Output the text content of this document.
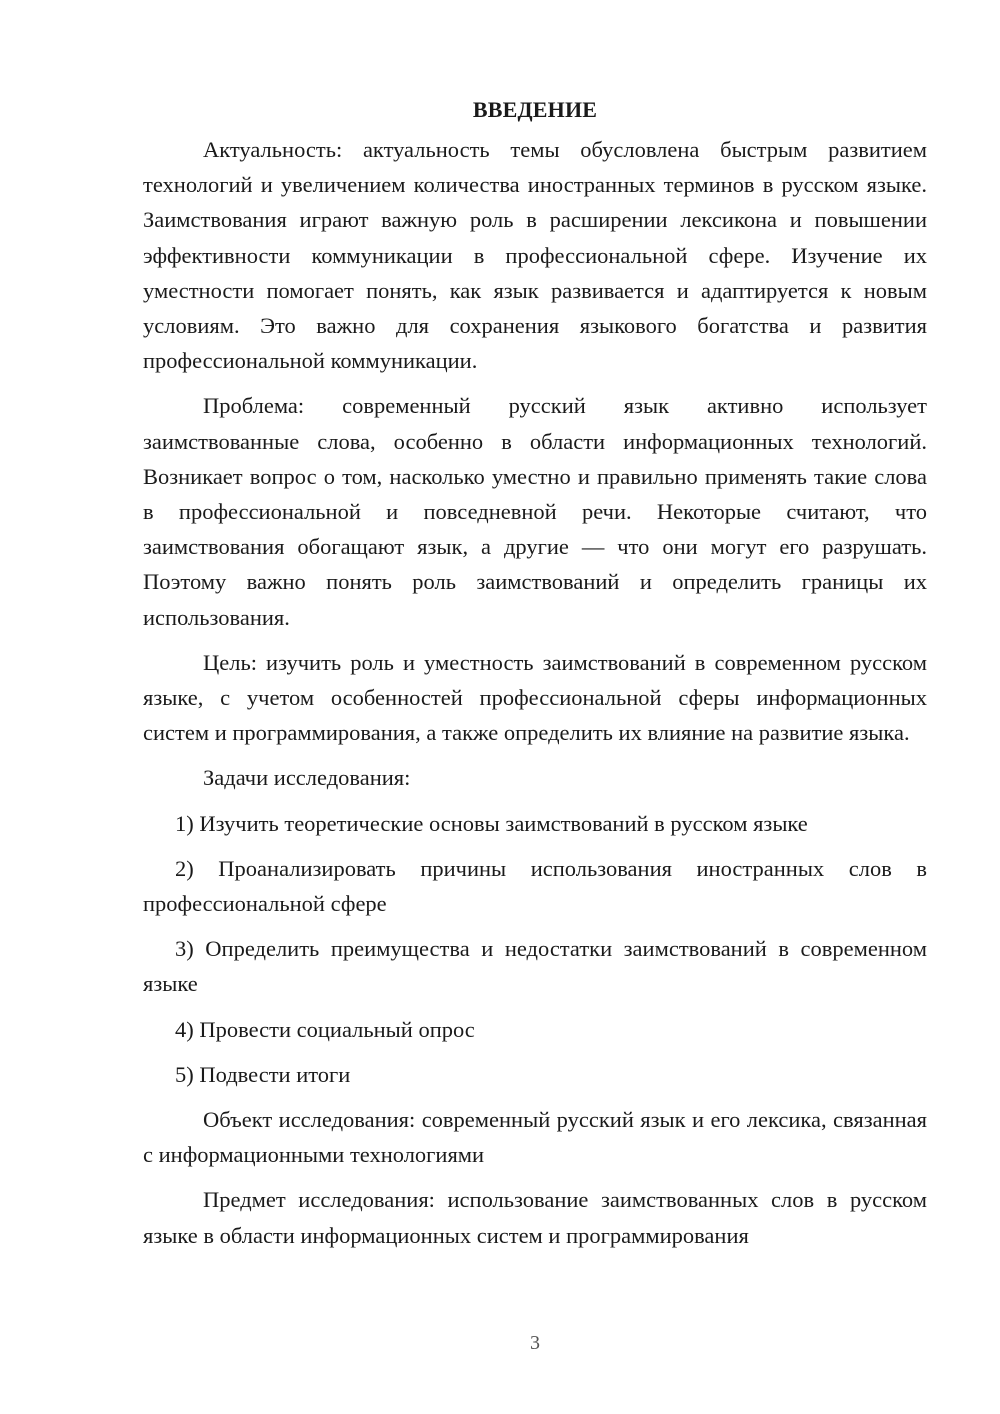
ВВЕДЕНИЕ

Актуальность: актуальность темы обусловлена быстрым развитием технологий и увеличением количества иностранных терминов в русском языке. Заимствования играют важную роль в расширении лексикона и повышении эффективности коммуникации в профессиональной сфере. Изучение их уместности помогает понять, как язык развивается и адаптируется к новым условиям. Это важно для сохранения языкового богатства и развития профессиональной коммуникации.

Проблема: современный русский язык активно использует заимствованные слова, особенно в области информационных технологий. Возникает вопрос о том, насколько уместно и правильно применять такие слова в профессиональной и повседневной речи. Некоторые считают, что заимствования обогащают язык, а другие — что они могут его разрушать. Поэтому важно понять роль заимствований и определить границы их использования.

Цель: изучить роль и уместность заимствований в современном русском языке, с учетом особенностей профессиональной сферы информационных систем и программирования, а также определить их влияние на развитие языка.

Задачи исследования:

1) Изучить теоретические основы заимствований в русском языке

2) Проанализировать причины использования иностранных слов в профессиональной сфере

3) Определить преимущества и недостатки заимствований в современном языке

4) Провести социальный опрос

5) Подвести итоги

Объект исследования: современный русский язык и его лексика, связанная с информационными технологиями

Предмет исследования: использование заимствованных слов в русском языке в области информационных систем и программирования

3
